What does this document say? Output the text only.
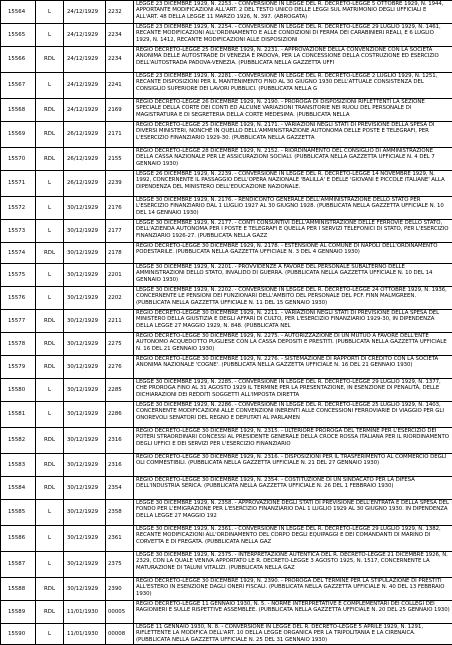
15564	L	24/12/1929	2232	LEGGE 23 DICEMBRE 1929, N. 2253. - CONVERSIONE IN LEGGE DEL R. DECRETO-LEGGE 5 OTTOBRE 1929, N. 1944, APPORTANTE MODIFICAZIONI ALL'ART. 2 DEL TESTO UNICO DELLE LEGGI SUL MATRIMONIO DEGLI UFFICIALI E ALL'ART. 48 DELLA LEGGE 11 MARZO 1926, N. 397. (ABROGATA)
15565	L	24/12/1929	2234	LEGGE 23 DICEMBRE 1929, N. 2254. - CONVERSIONE IN LEGGE DEL R. DECRETO-LEGGE 29 LUGLIO 1929, N. 1461, RECANTE MODIFICAZIONI ALL'ORDINAMENTO E ALLE CONDIZIONI DI FERMA DEI CARABINIERI REALI, E 6 LUGLIO 1929, N. 1412, RECANTE MODIFICAZIONI ALLE DISPOSIZIONI
15566	RDL	24/12/1929	2234	REGIO DECRETO-LEGGE 25 DICEMBRE 1929, N. 2231. - APPROVAZIONE DELLA CONVENZIONE CON LA SOCIETÀ ANONIMA DELLE AUTOSTRADE DI VENEZIA E PADOVA, PER LA CONCESSIONE DELLA COSTRUZIONE ED ESERCIZIO DELL'AUTOSTRADA PADOVA-VENEZIA. (PUBBLICATA NELLA GAZZETTA UFFI
15567	L	24/12/1929	2241	LEGGE 23 DICEMBRE 1929, N. 2281. - CONVERSIONE IN LEGGE DEL R. DECRETO-LEGGE 2 LUGLIO 1929, N. 1251, RECANTE DISPOSIZIONI PER IL MANTENIMENTO FINO AL 30 GIUGNO 1930 DELL'ATTUALE CONSISTENZA DEL CONSIGLIO SUPERIORE DEI LAVORI PUBBLICI. (PUBBLICATA NELLA G
15568	RDL	24/12/1929	2169	REGIO DECRETO-LEGGE 26 DICEMBRE 1929, N. 2190. - PROROGA DI DISPOSIZIONI RIFLETTENTI LA SEZIONE SPECIALE DELLA CORTE DEI CONTI ED ALCUNE VARIAZIONI TRANSITORIE NEI RUOLI DEL PERSONALE DI MAGISTRATURA E DI SEGRETERIA DELLA CORTE MEDESIMA. (PUBBLICATA NELLA
15569	RDL	26/12/1929	2171	REGIO DECRETO-LEGGE 25 DICEMBRE 1929, N. 2171. - VARIAZIONI NEGLI STATI DI PREVISIONE DELLA SPESA DI DIVERSI MINISTERI, NONCHÉ IN QUELLO DELL'AMMINISTRAZIONE AUTONOMA DELLE POSTE E TELEGRAFI, PER L'ESERCIZIO FINANZIARIO 1929-30. (PUBBLICATA NELLA GAZZETTA
15570	RDL	26/12/1929	2155	REGIO DECRETO-LEGGE 28 DICEMBRE 1929, N. 2152. - RIORDINAMENTO DEL CONSIGLIO DI AMMINISTRAZIONE DELLA CASSA NAZIONALE PER LE ASSICURAZIONI SOCIALI. (PUBBLICATA NELLA GAZZETTA UFFICIALE N. 4 DEL 7 GENNAIO 1930)
15571	L	26/12/1929	2239	LEGGE 26 DICEMBRE 1929, N. 2239. - CONVERSIONE IN LEGGE DEL R. DECRETO-LEGGE 14 NOVEMBRE 1929, N. 1992, CONCERNENTE IL PASSAGGIO DELL'OPERA NAZIONALE 'BALILLA' E DELLE 'GIOVANI E PICCOLE ITALIANE' ALLA DIPENDENZA DEL MINISTERO DELL'EDUCAZIONE NAZIONALE.
15572	L	30/12/1929	2176	LEGGE 30 DICEMBRE 1929, N. 2176. - RENDICONTO GENERALE DELL'AMMINISTRAZIONE DELLO STATO PER L'ESERCIZIO FINANZIARIO DAL 1 LUGLIO 1927 AL 30 GIUGNO 1928. (PUBBLICATA NELLA GAZZETTA UFFICIALE N. 10 DEL 14 GENNAIO 1930)
15573	L	30/12/1929	2177	LEGGE 30 DICEMBRE 1929, N. 2177. - CONTI CONSUNTIVI DELL'AMMINISTRAZIONE DELLE FERROVIE DELLO STATO, DELL'AZIENDA AUTONOMA PER I POSTE E TELEGRAFI E QUELLA PER I SERVIZI TELEFONICI DI STATO, PER L'ESERCIZIO FINANZIARIO 1926-27. (PUBBLICATA NELLA GAZZ
15574	RDL	30/12/1929	2178	REGIO DECRETO-LEGGE 30 DICEMBRE 1929, N. 2178. - ESTENSIONE AL COMUNE DI NAPOLI DELL'ORDINAMENTO PODESTARILE. (PUBBLICATA NELLA GAZZETTA UFFICIALE N. 3 DEL 4 GENNAIO 1930)
15575	L	30/12/1929	2201	LEGGE 30 DICEMBRE 1929, N. 2201. - PROVVIDENZE A FAVORE DEL PERSONALE SUBALTERNO DELLE AMMINISTRAZIONI DELLO STATO, INVALIDO DI GUERRA. (PUBBLICATA NELLA GAZZETTA UFFICIALE N. 10 DEL 14 GENNAIO 1930)
15576	L	30/12/1929	2202	LEGGE 30 DICEMBRE 1929, N. 2202. - CONVERSIONE IN LEGGE DEL R. DECRETO-LEGGE 24 OTTOBRE 1929, N. 1936, CONCERNENTE LE PENSIONI DEI FUNZIONARI DELL'AMBITO DEL PERSONALE DEL PCF. FINN MALMGREEN. (PUBBLICATA NELLA GAZZETTA UFFICIALE N. 11 DEL 15 GENNAIO 1930)
15577	RDL	30/12/1929	2211	REGIO DECRETO-LEGGE 30 DICEMBRE 1929, N. 2211. - VARIAZIONI NEGLI STATI DI PREVISIONE DELLA SPESA DEL MINISTERO DELLA GIUSTIZIA E DEGLI AFFARI DI CULTO, PER L'ESERCIZIO FINANZIARIO 1929-30, IN DIPENDENZA DELLA LEGGE 27 MAGGIO 1929, N. 848. (PUBBLICATA NEL
15578	RDL	30/12/1929	2275	REGIO DECRETO-LEGGE 30 DICEMBRE 1929, N. 2275. - AUTORIZZAZIONE DI UN MUTUO A FAVORE DELL'ENTE AUTONOMO ACQUEDOTTO PUGLIESE CON LA CASSA DEPOSITI E PRESTITI. (PUBBLICATA NELLA GAZZETTA UFFICIALE N. 16 DEL 21 GENNAIO 1930)
15579	RDL	30/12/1929	2276	REGIO DECRETO-LEGGE 30 DICEMBRE 1929, N. 2276. - SISTEMAZIONE DI RAPPORTI DI CREDITO CON LA SOCIETÀ ANONIMA NAZIONALE 'COGNE'. (PUBBLICATA NELLA GAZZETTA UFFICIALE N. 16 DEL 21 GENNAIO 1930)
15580	L	30/12/1929	2285	LEGGE 30 DICEMBRE 1929, N. 2285. - CONVERSIONE IN LEGGE DEL R. DECRETO-LEGGE 29 LUGLIO 1929, N. 1377, CHE PROROGA FINO AL 31 AGOSTO 1929 IL TERMINE PER LA PRESENTAZIONE, IN ESENZIONE DI PENALITÀ, DELLE DICHIARAZIONI DEI REDDITI SOGGETTI ALL'IMPOSTA DIRETTA
15581	L	30/12/1929	2286	LEGGE 30 DICEMBRE 1929, N. 2286. - CONVERSIONE IN LEGGE DEL R. DECRETO-LEGGE 25 LUGLIO 1929, N. 1403, CONCERNENTE MODIFICAZIONI ALLE CONVENZIONI INERENTI ALLE CONCESSIONI FERROVIARIE DI VIAGGIO PER GLI ONOREVOLI SENATORI DEL REGNO E DEPUTATI AL PARLAMEN
15582	RDL	30/12/1929	2316	REGIO DECRETO-LEGGE 30 DICEMBRE 1929, N. 2315. - ULTERIORE PROROGA DEL TERMINE PER L'ESERCIZIO DEI POTERI STRAORDINARI CONCESSI AL PRESIDENTE GENERALE DELLA CROCE ROSSA ITALIANA PER IL RIORDINAMENTO DEGLI UFFICI E DEI SERVIZI PER L'ESERCIZIO FINANZIARIO
15583	RDL	30/12/1929	2316	REGIO DECRETO-LEGGE 30 DICEMBRE 1929, N. 2316. - DISPOSIZIONI PER IL TRASFERIMENTO AL COMMERCIO DEGLI OLI COMMESTIBILI. (PUBBLICATA NELLA GAZZETTA UFFICIALE N. 21 DEL 27 GENNAIO 1930)
15584	RDL	30/12/1929	2354	REGIO DECRETO-LEGGE 30 DICEMBRE 1929, N. 2354. - COSTITUZIONE DI UN SINDACATO PER LA DIFESA DELL'INDUSTRIA SERICA. (PUBBLICATA NELLA GAZZETTA UFFICIALE N. 26 DEL 1 FEBBRAIO 1930)
15585	L	30/12/1929	2358	LEGGE 30 DICEMBRE 1929, N. 2358. - APPROVAZIONE DEGLI STATI DI PREVISIONE DELL'ENTRATA E DELLA SPESA DEL FONDO PER L'EMIGRAZIONE PER L'ESERCIZIO FINANZIARIO DAL 1 LUGLIO 1929 AL 30 GIUGNO 1930. IN DIPENDENZA DELLA LEGGE 27 MAGGIO 192
15586	L	30/12/1929	2361	LEGGE 30 DICEMBRE 1929, N. 2361. - CONVERSIONE IN LEGGE DEL R. DECRETO-LEGGE 29 LUGLIO 1929, N. 1382, RECANTE MODIFICAZIONI ALL'ORDINAMENTO DEL CORPO DEGLI EQUIPAGGI E DEI COMANDANTI DI MARINO DI CORVETTA E DI FREGATA. (PUBBLICATA NELLA GAZ
15587	L	30/12/1929	2375	LEGGE 30 DICEMBRE 1929, N. 2375. - INTERPRETAZIONE AUTENTICA DEL R. DECRETO-LEGGE 21 DICEMBRE 1926, N. 2329, CON LA QUALE VENIVA APPORTATO LE R. DECRETO-LEGGE 3 AGOSTO 1925, N. 1517, CONCERNENTE LA MATURAZIONE DI TALUNI VITALIZI. (PUBBLICATA NELLA GAZ
15588	RDL	30/12/1929	2390	REGIO DECRETO-LEGGE 30 DICEMBRE 1929, N. 2390. - PROROGA DEL TERMINE PER LA STIPULAZIONE DI PRESTITI ALL'ESTERO IN ESENZIONE DAGLI ONERI FISCALI. (PUBBLICATA NELLA GAZZETTA UFFICIALE N. 40 DEL 13 FEBBRAIO 1930)
15589	RDL	11/01/1930	00005	REGIO DECRETO-LEGGE 11 GENNAIO 1930, N. 5. - NORME INTERPRETATIVE E COMPLEMENTARI DEI COLLEGI DEI RAGIONIERI E SULLE RISPETTIVE ASSEMBLEE. (PUBBLICATA NELLA GAZZETTA UFFICIALE N. 20 DEL 25 GENNAIO 1930)
15590	L	11/01/1930	00008	LEGGE 11 GENNAIO 1930, N. 8. - CONVERSIONE IN LEGGE DEL R. DECRETO-LEGGE 5 APRILE 1929, N. 1291, RIFLETTENTE LA MODIFICA DELL'ART. 10 DELLA LEGGE ORGANICA PER LA TRIPOLITANIA E LA CIRENAICA. (PUBBLICATA NELLA GAZZETTA UFFICIALE N. 25 DEL 31 GENNAIO 1930)
